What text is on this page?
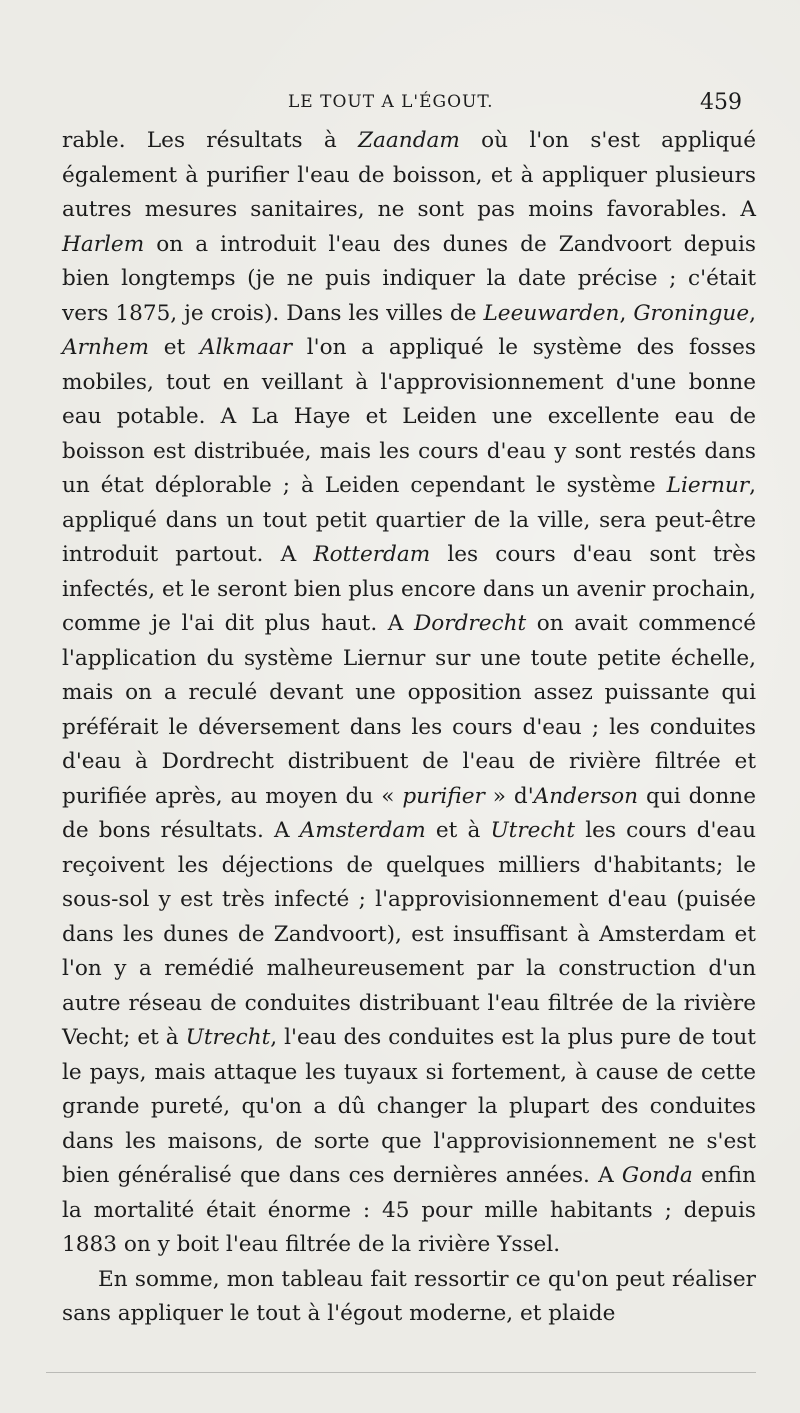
LE TOUT A L'ÉGOUT.	459

rable. Les résultats à Zaandam où l'on s'est appliqué également à purifier l'eau de boisson, et à appliquer plusieurs autres mesures sanitaires, ne sont pas moins favorables. A Harlem on a introduit l'eau des dunes de Zandvoort depuis bien longtemps (je ne puis indiquer la date précise ; c'était vers 1875, je crois). Dans les villes de Leeuwarden, Groningue, Arnhem et Alkmaar l'on a appliqué le système des fosses mobiles, tout en veillant à l'approvisionnement d'une bonne eau potable. A La Haye et Leiden une excellente eau de boisson est distribuée, mais les cours d'eau y sont restés dans un état déplorable ; à Leiden cependant le système Liernur, appliqué dans un tout petit quartier de la ville, sera peut-être introduit partout. A Rotterdam les cours d'eau sont très infectés, et le seront bien plus encore dans un avenir prochain, comme je l'ai dit plus haut. A Dordrecht on avait commencé l'application du système Liernur sur une toute petite échelle, mais on a reculé devant une opposition assez puissante qui préférait le déversement dans les cours d'eau ; les conduites d'eau à Dordrecht distribuent de l'eau de rivière filtrée et purifiée après, au moyen du « purifier » d'Anderson qui donne de bons résultats. A Amsterdam et à Utrecht les cours d'eau reçoivent les déjections de quelques milliers d'habitants; le sous-sol y est très infecté ; l'approvisionnement d'eau (puisée dans les dunes de Zandvoort), est insuffisant à Amsterdam et l'on y a remédié malheureusement par la construction d'un autre réseau de conduites distribuant l'eau filtrée de la rivière Vecht; et à Utrecht, l'eau des conduites est la plus pure de tout le pays, mais attaque les tuyaux si fortement, à cause de cette grande pureté, qu'on a dû changer la plupart des conduites dans les maisons, de sorte que l'approvisionnement ne s'est bien généralisé que dans ces dernières années. A Gonda enfin la mortalité était énorme : 45 pour mille habitants ; depuis 1883 on y boit l'eau filtrée de la rivière Yssel.

En somme, mon tableau fait ressortir ce qu'on peut réaliser sans appliquer le tout à l'égout moderne, et plaide
